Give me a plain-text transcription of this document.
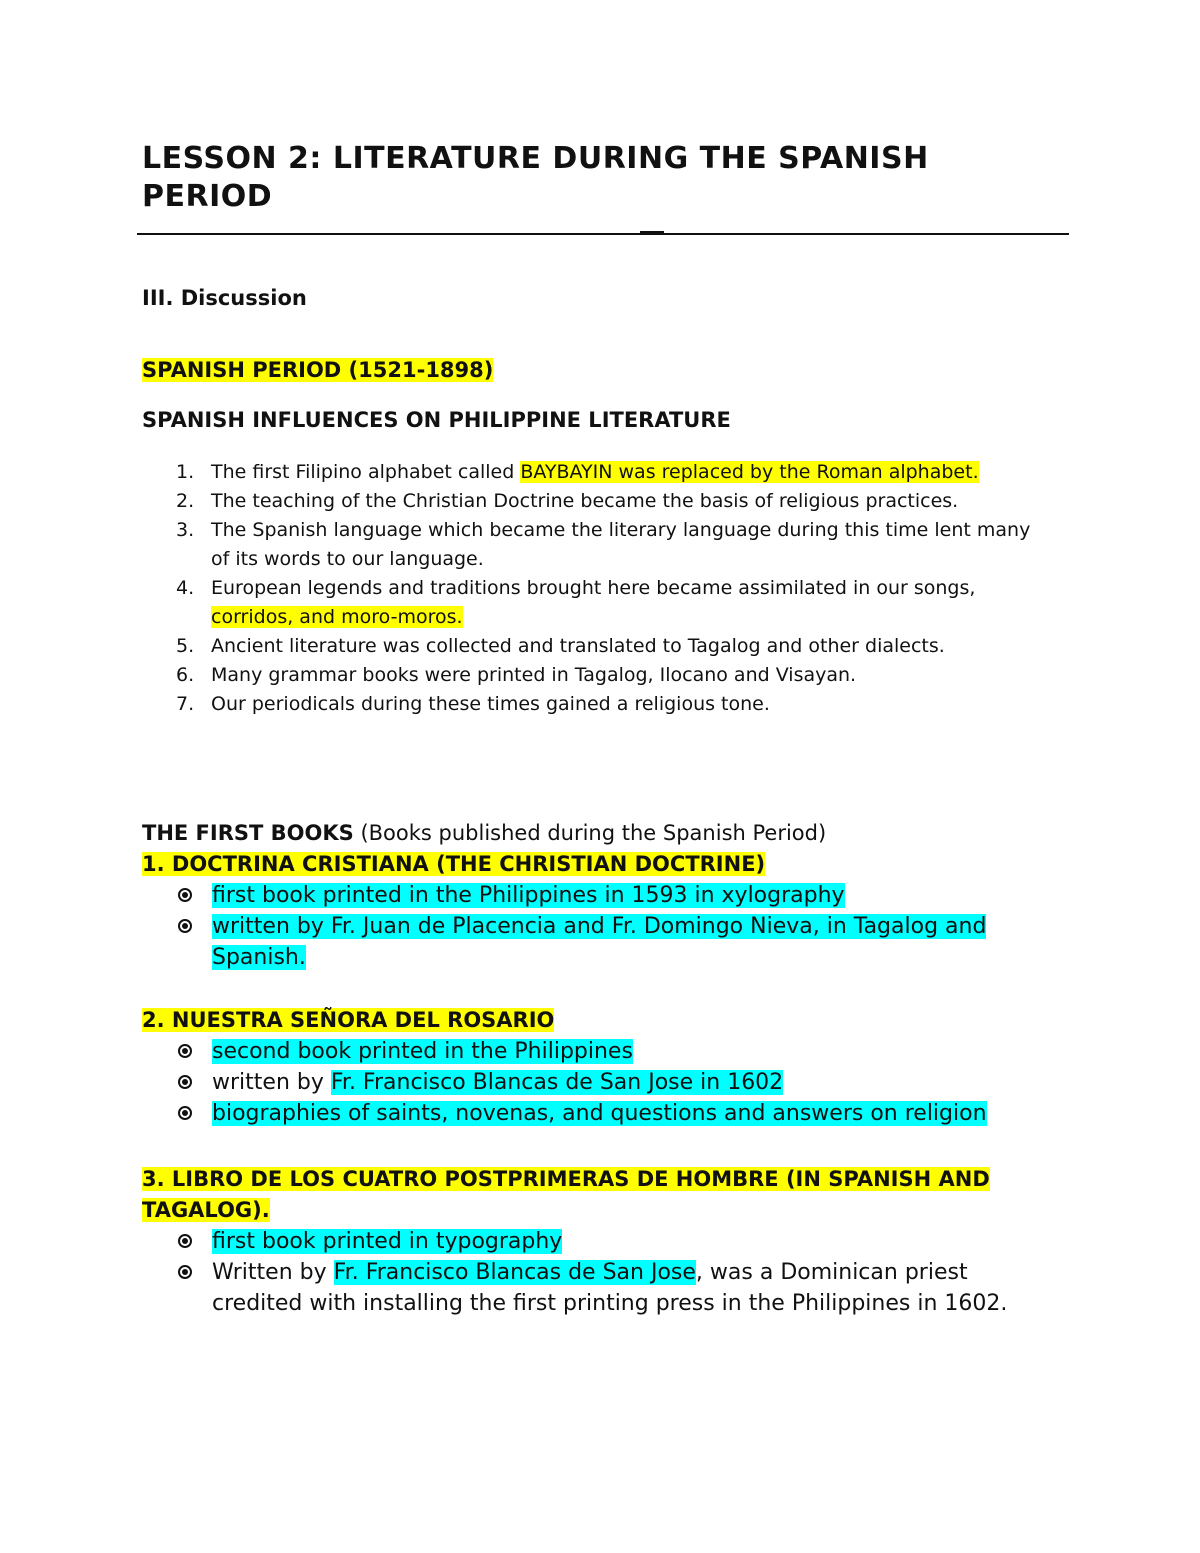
LESSON 2: LITERATURE DURING THE SPANISH PERIOD
III. Discussion
SPANISH PERIOD (1521-1898)
SPANISH INFLUENCES ON PHILIPPINE LITERATURE
1. The first Filipino alphabet called BAYBAYIN was replaced by the Roman alphabet.
2. The teaching of the Christian Doctrine became the basis of religious practices.
3. The Spanish language which became the literary language during this time lent many of its words to our language.
4. European legends and traditions brought here became assimilated in our songs, corridos, and moro-moros.
5. Ancient literature was collected and translated to Tagalog and other dialects.
6. Many grammar books were printed in Tagalog, Ilocano and Visayan.
7. Our periodicals during these times gained a religious tone.
THE FIRST BOOKS (Books published during the Spanish Period)
1. DOCTRINA CRISTIANA (THE CHRISTIAN DOCTRINE)
first book printed in the Philippines in 1593 in xylography
written by Fr. Juan de Placencia and Fr. Domingo Nieva, in Tagalog and Spanish.
2. NUESTRA SEÑORA DEL ROSARIO
second book printed in the Philippines
written by Fr. Francisco Blancas de San Jose in 1602
biographies of saints, novenas, and questions and answers on religion
3. LIBRO DE LOS CUATRO POSTPRIMERAS DE HOMBRE (IN SPANISH AND TAGALOG).
first book printed in typography
Written by Fr. Francisco Blancas de San Jose, was a Dominican priest credited with installing the first printing press in the Philippines in 1602.
